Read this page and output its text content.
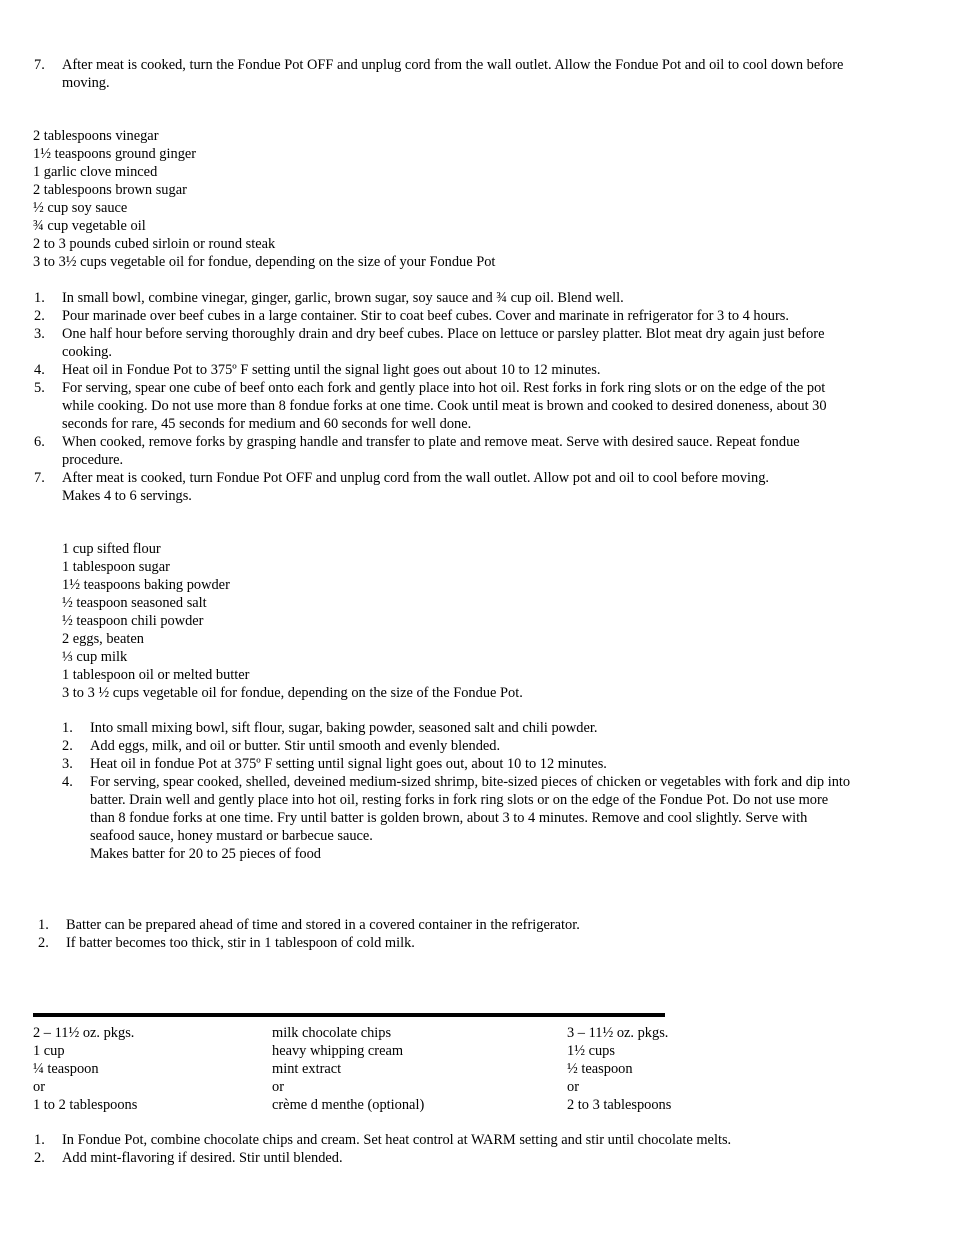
7. After meat is cooked, turn the Fondue Pot OFF and unplug cord from the wall outlet. Allow the Fondue Pot and oil to cool down before
moving.
2 tablespoons vinegar
1½ teaspoons ground ginger
1 garlic clove minced
2 tablespoons brown sugar
½ cup soy sauce
¾ cup vegetable oil
2 to 3 pounds cubed sirloin or round steak
3 to 3½ cups vegetable oil for fondue, depending on the size of your Fondue Pot
1. In small bowl, combine vinegar, ginger, garlic, brown sugar, soy sauce and ¾ cup oil. Blend well.
2. Pour marinade over beef cubes in a large container. Stir to coat beef cubes. Cover and marinate in refrigerator for 3 to 4 hours.
3. One half hour before serving thoroughly drain and dry beef cubes. Place on lettuce or parsley platter. Blot meat dry again just before
cooking.
4. Heat oil in Fondue Pot to 375º F setting until the signal light goes out about 10 to 12 minutes.
5. For serving, spear one cube of beef onto each fork and gently place into hot oil. Rest forks in fork ring slots or on the edge of the pot
while cooking. Do not use more than 8 fondue forks at one time. Cook until meat is brown and cooked to desired doneness, about 30
seconds for rare, 45 seconds for medium and 60 seconds for well done.
6. When cooked, remove forks by grasping handle and transfer to plate and remove meat. Serve with desired sauce. Repeat fondue
procedure.
7. After meat is cooked, turn Fondue Pot OFF and unplug cord from the wall outlet. Allow pot and oil to cool before moving.
Makes 4 to 6 servings.
1 cup sifted flour
1 tablespoon sugar
1½ teaspoons baking powder
½ teaspoon seasoned salt
½ teaspoon chili powder
2 eggs, beaten
⅓ cup milk
1 tablespoon oil or melted butter
3 to 3 ½ cups vegetable oil for fondue, depending on the size of the Fondue Pot.
1. Into small mixing bowl, sift flour, sugar, baking powder, seasoned salt and chili powder.
2. Add eggs, milk, and oil or butter. Stir until smooth and evenly blended.
3. Heat oil in fondue Pot at 375º F setting until signal light goes out, about 10 to 12 minutes.
4. For serving, spear cooked, shelled, deveined medium-sized shrimp, bite-sized pieces of chicken or vegetables with fork and dip into
batter. Drain well and gently place into hot oil, resting forks in fork ring slots or on the edge of the Fondue Pot. Do not use more
than 8 fondue forks at one time. Fry until batter is golden brown, about 3 to 4 minutes. Remove and cool slightly. Serve with
seafood sauce, honey mustard or barbecue sauce.
Makes batter for 20 to 25 pieces of food
1. Batter can be prepared ahead of time and stored in a covered container in the refrigerator.
2. If batter becomes too thick, stir in 1 tablespoon of cold milk.
2 – 11½ oz. pkgs.	milk chocolate chips	3 – 11½ oz. pkgs.
1 cup	heavy whipping cream	1½ cups
¼ teaspoon	mint extract	½ teaspoon
or	or	or
1 to 2 tablespoons	crème d menthe (optional)	2 to 3 tablespoons
1. In Fondue Pot, combine chocolate chips and cream. Set heat control at WARM setting and stir until chocolate melts.
2. Add mint-flavoring if desired. Stir until blended.
